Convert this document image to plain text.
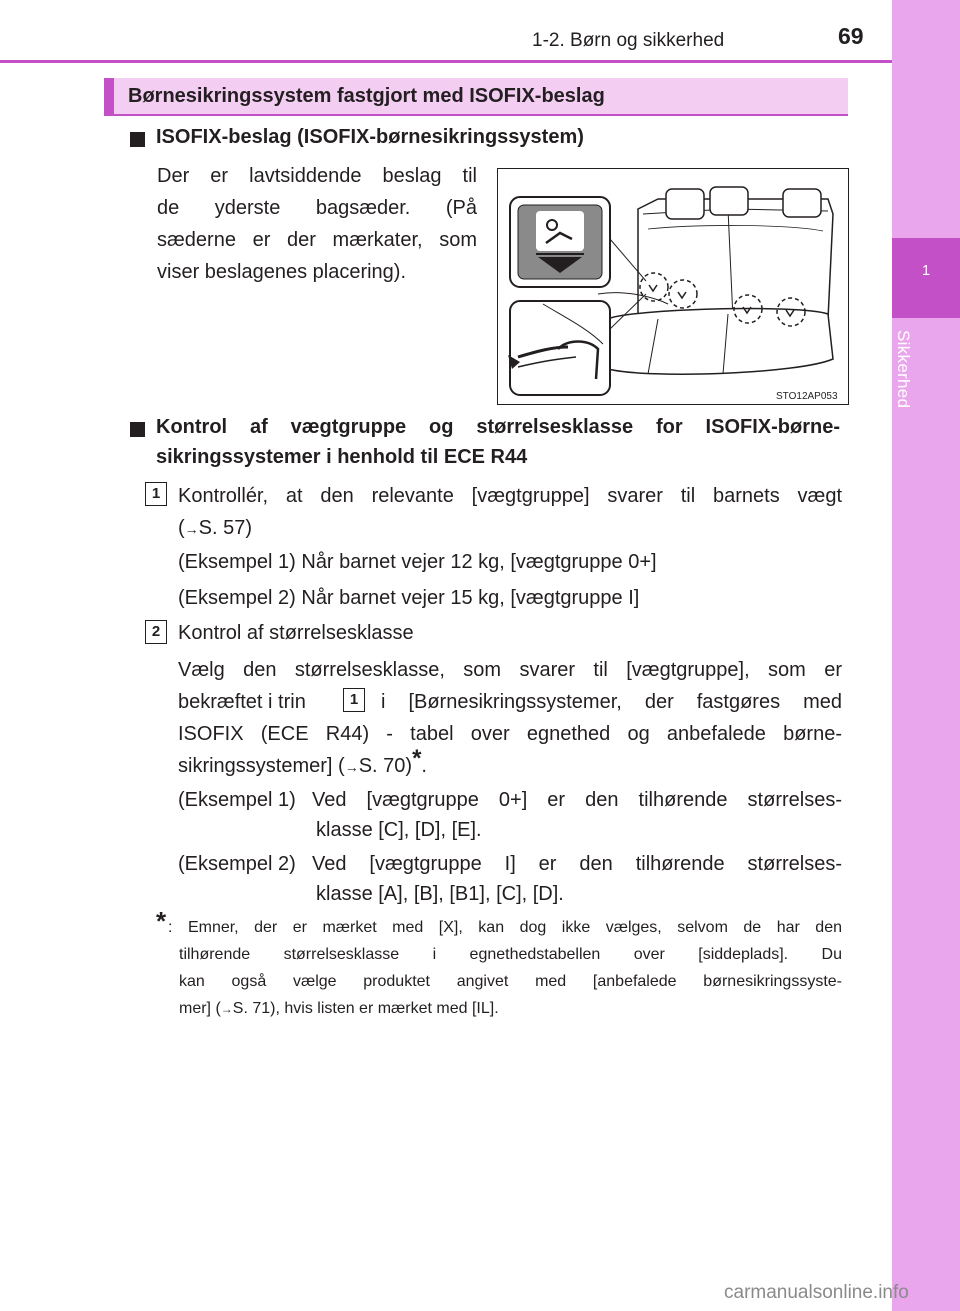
1
Sikkerhed
1-2. Børn og sikkerhed	69
Børnesikringssystem fastgjort med ISOFIX-beslag
ISOFIX-beslag (ISOFIX-børnesikringssystem)
Der er lavtsiddende beslag til
de yderste bagsæder. (På
sæderne er der mærkater, som
viser beslagenes placering).
STO12AP053
Kontrol af vægtgruppe og størrelsesklasse for ISOFIX-børne-
sikringssystemer i henhold til ECE R44
1 Kontrollér, at den relevante [vægtgruppe] svarer til barnets vægt
(→S. 57)
(Eksempel 1) Når barnet vejer 12 kg, [vægtgruppe 0+]
(Eksempel 2) Når barnet vejer 15 kg, [vægtgruppe I]
2 Kontrol af størrelsesklasse
Vælg den størrelsesklasse, som svarer til [vægtgruppe], som er
bekræftet i trin	1	i [Børnesikringssystemer, der fastgøres med
ISOFIX (ECE R44) - tabel over egnethed og anbefalede børne-
sikringssystemer] (→S. 70)*.
(Eksempel 1) Ved [vægtgruppe 0+] er den tilhørende størrelses-
klasse [C], [D], [E].
(Eksempel 2) Ved [vægtgruppe I] er den tilhørende størrelses-
klasse [A], [B], [B1], [C], [D].
* : Emner, der er mærket med [X], kan dog ikke vælges, selvom de har den
tilhørende størrelsesklasse i egnethedstabellen over [siddeplads]. Du
kan også vælge produktet angivet med [anbefalede børnesikringssyste-
mer] (→S. 71), hvis listen er mærket med [IL].
carmanualsonline.info
